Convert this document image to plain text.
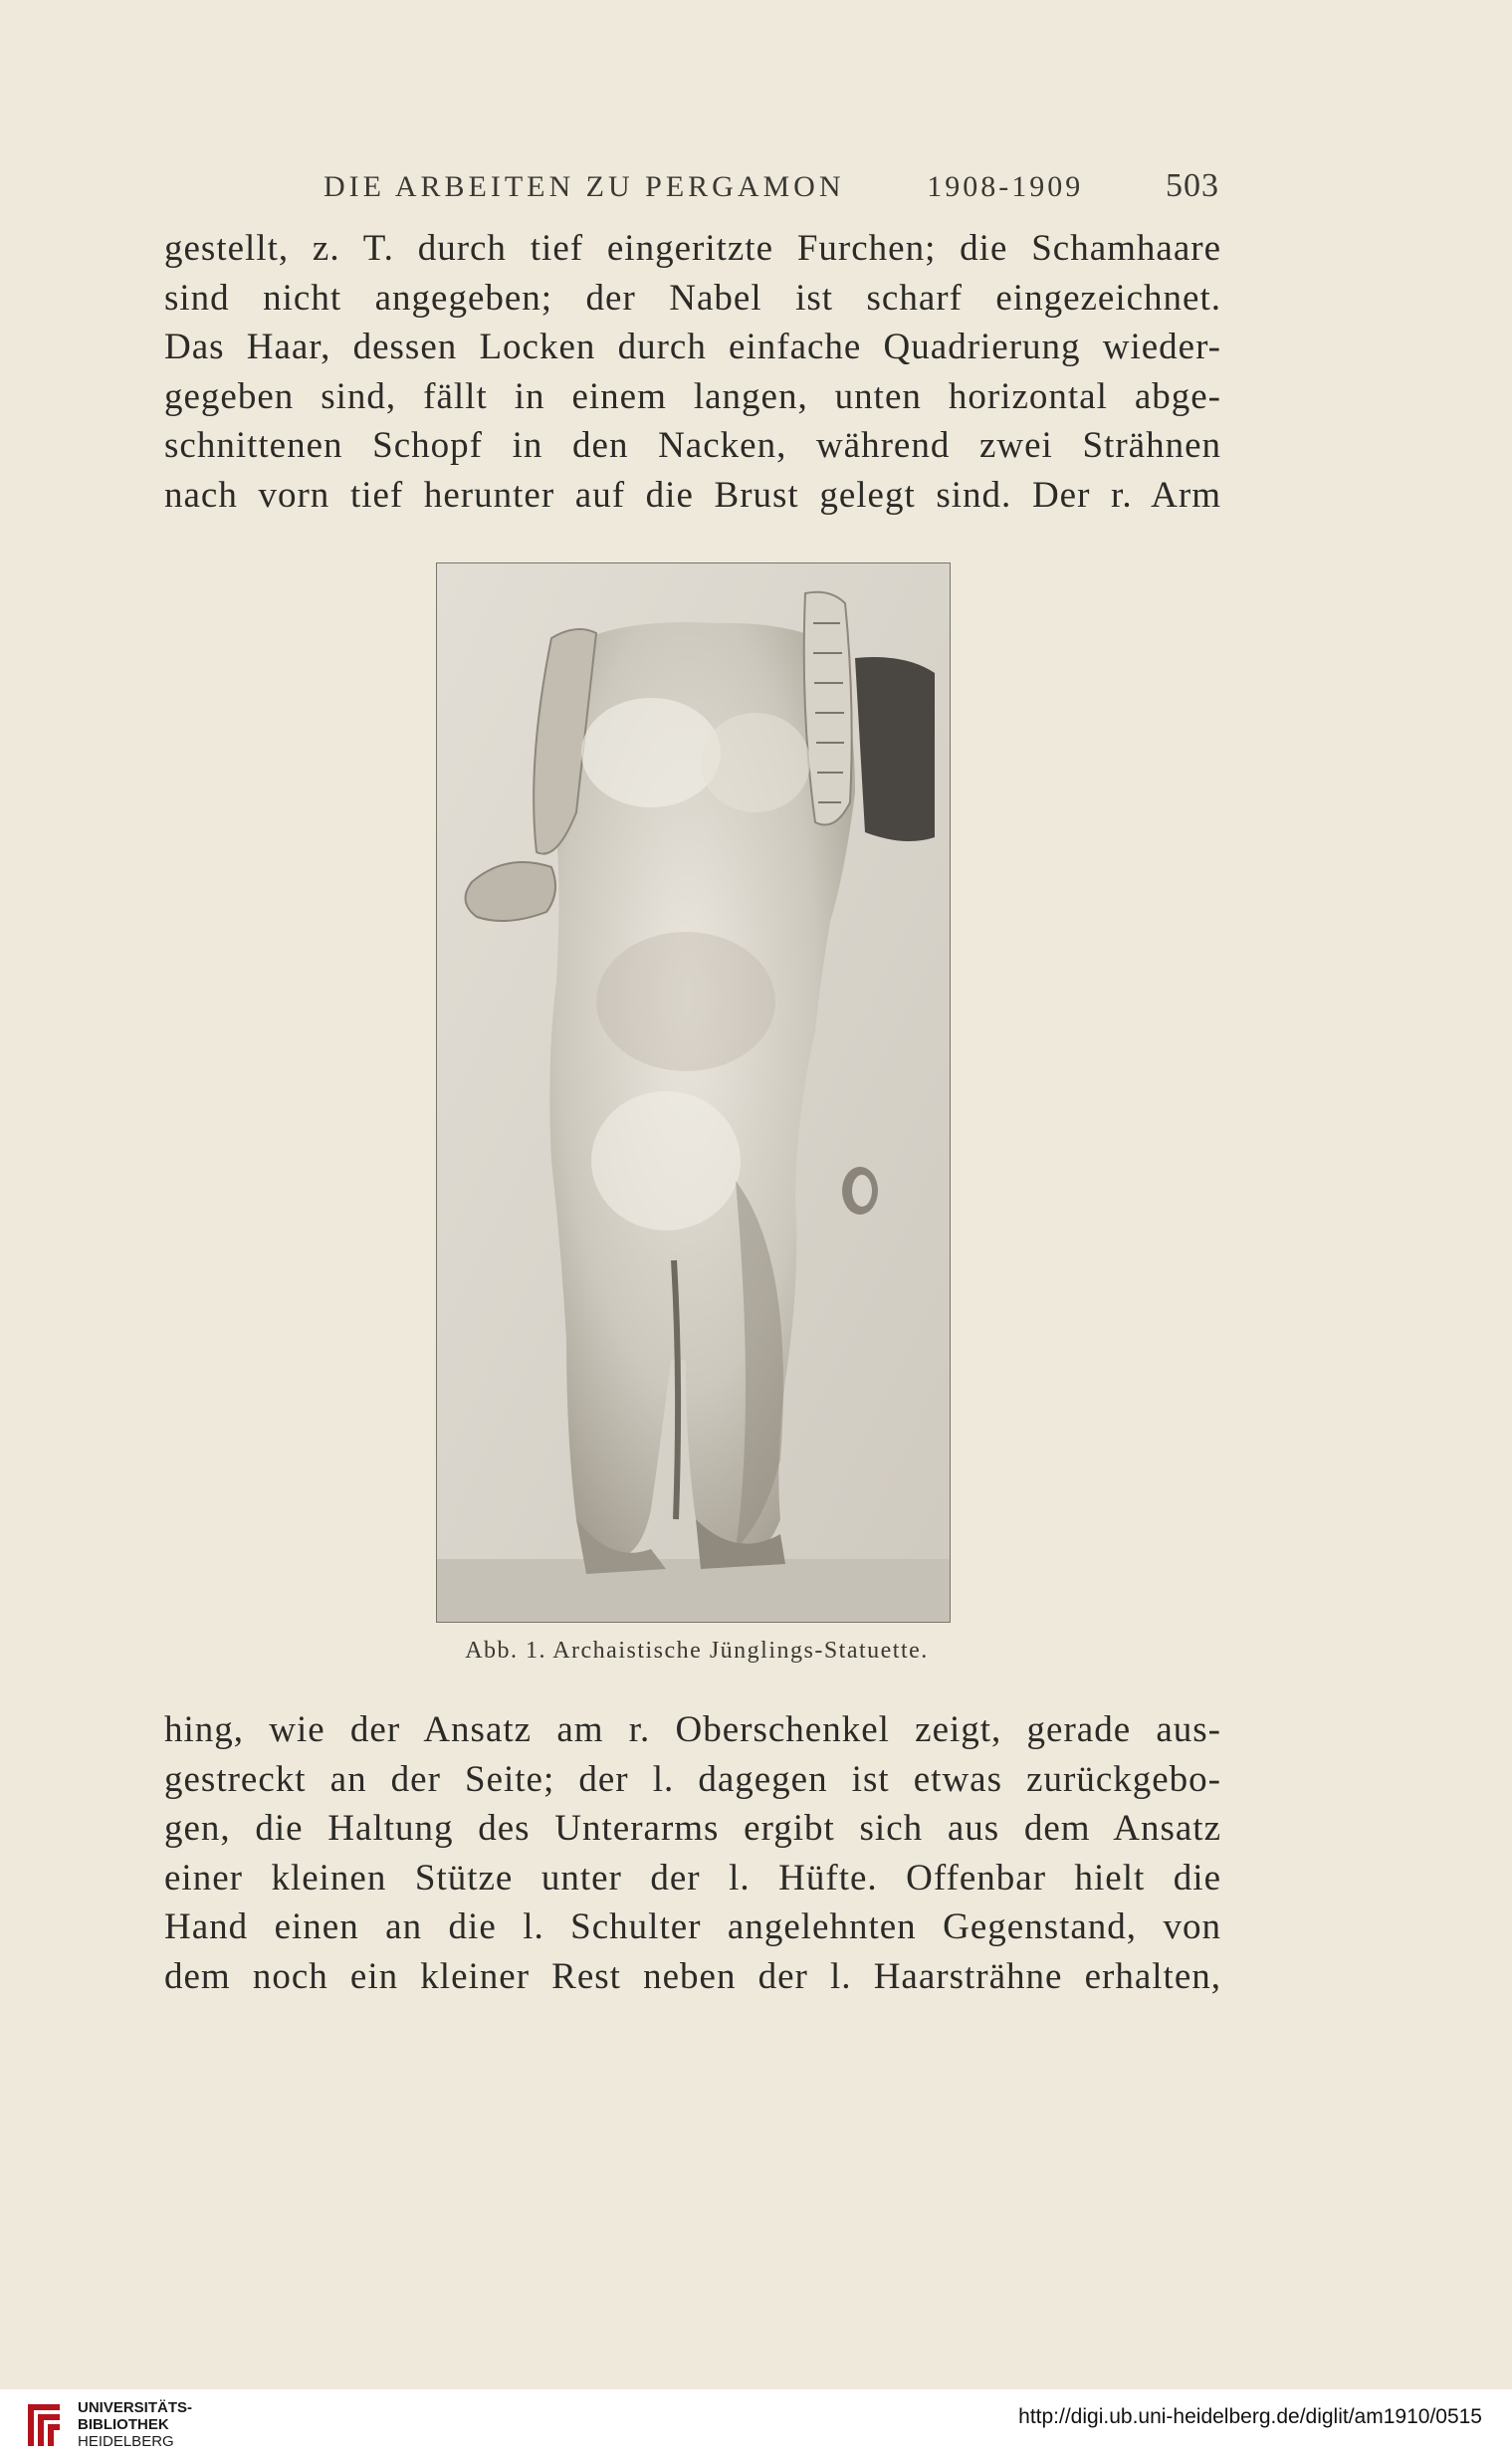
DIE ARBEITEN ZU PERGAMON	1908-1909 503
gestellt, z. T. durch tief eingeritzte Furchen; die Schamhaare
sind nicht angegeben; der Nabel ist scharf eingezeichnet.
Das Haar, dessen Locken durch einfache Quadrierung wieder-
gegeben sind, fällt in einem langen, unten horizontal abge-
schnittenen Schopf in den Nacken, während zwei Strähnen
nach vorn tief herunter auf die Brust gelegt sind. Der r. Arm
Abb. 1. Archaistische Jünglings-Statuette.
hing, wie der Ansatz am r. Oberschenkel zeigt, gerade aus-
gestreckt an der Seite; der l. dagegen ist etwas zurückgebo-
gen, die Haltung des Unterarms ergibt sich aus dem Ansatz
einer kleinen Stütze unter der l. Hüfte. Offenbar hielt die
Hand einen an die l. Schulter angelehnten Gegenstand, von
dem noch ein kleiner Rest neben der l. Haarsträhne erhalten,
UNIVERSITÄTS-
BIBLIOTHEK
HEIDELBERG
http://digi.ub.uni-heidelberg.de/diglit/am1910/0515
